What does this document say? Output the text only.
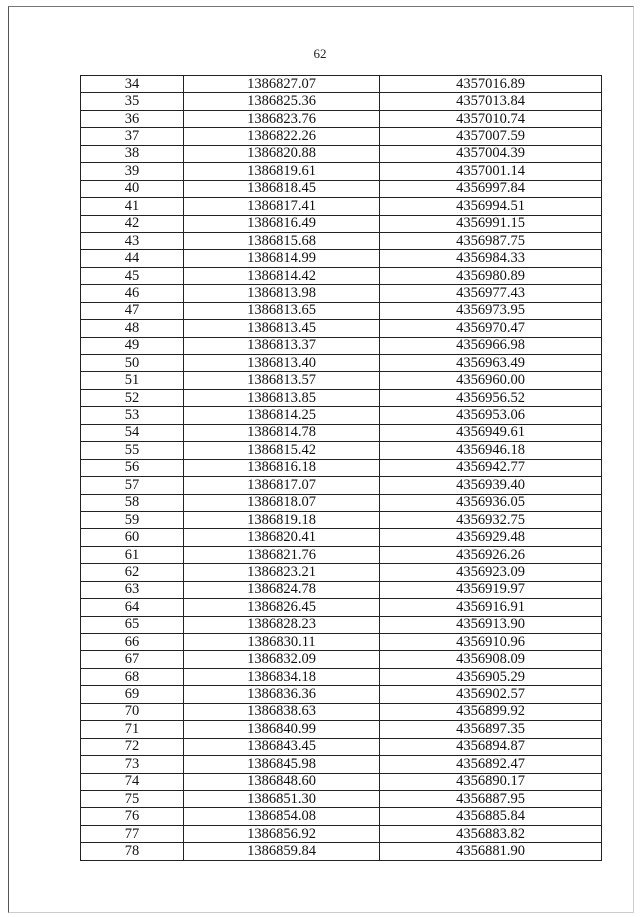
62
34	1386827.07	4357016.89
35	1386825.36	4357013.84
36	1386823.76	4357010.74
37	1386822.26	4357007.59
38	1386820.88	4357004.39
39	1386819.61	4357001.14
40	1386818.45	4356997.84
41	1386817.41	4356994.51
42	1386816.49	4356991.15
43	1386815.68	4356987.75
44	1386814.99	4356984.33
45	1386814.42	4356980.89
46	1386813.98	4356977.43
47	1386813.65	4356973.95
48	1386813.45	4356970.47
49	1386813.37	4356966.98
50	1386813.40	4356963.49
51	1386813.57	4356960.00
52	1386813.85	4356956.52
53	1386814.25	4356953.06
54	1386814.78	4356949.61
55	1386815.42	4356946.18
56	1386816.18	4356942.77
57	1386817.07	4356939.40
58	1386818.07	4356936.05
59	1386819.18	4356932.75
60	1386820.41	4356929.48
61	1386821.76	4356926.26
62	1386823.21	4356923.09
63	1386824.78	4356919.97
64	1386826.45	4356916.91
65	1386828.23	4356913.90
66	1386830.11	4356910.96
67	1386832.09	4356908.09
68	1386834.18	4356905.29
69	1386836.36	4356902.57
70	1386838.63	4356899.92
71	1386840.99	4356897.35
72	1386843.45	4356894.87
73	1386845.98	4356892.47
74	1386848.60	4356890.17
75	1386851.30	4356887.95
76	1386854.08	4356885.84
77	1386856.92	4356883.82
78	1386859.84	4356881.90
